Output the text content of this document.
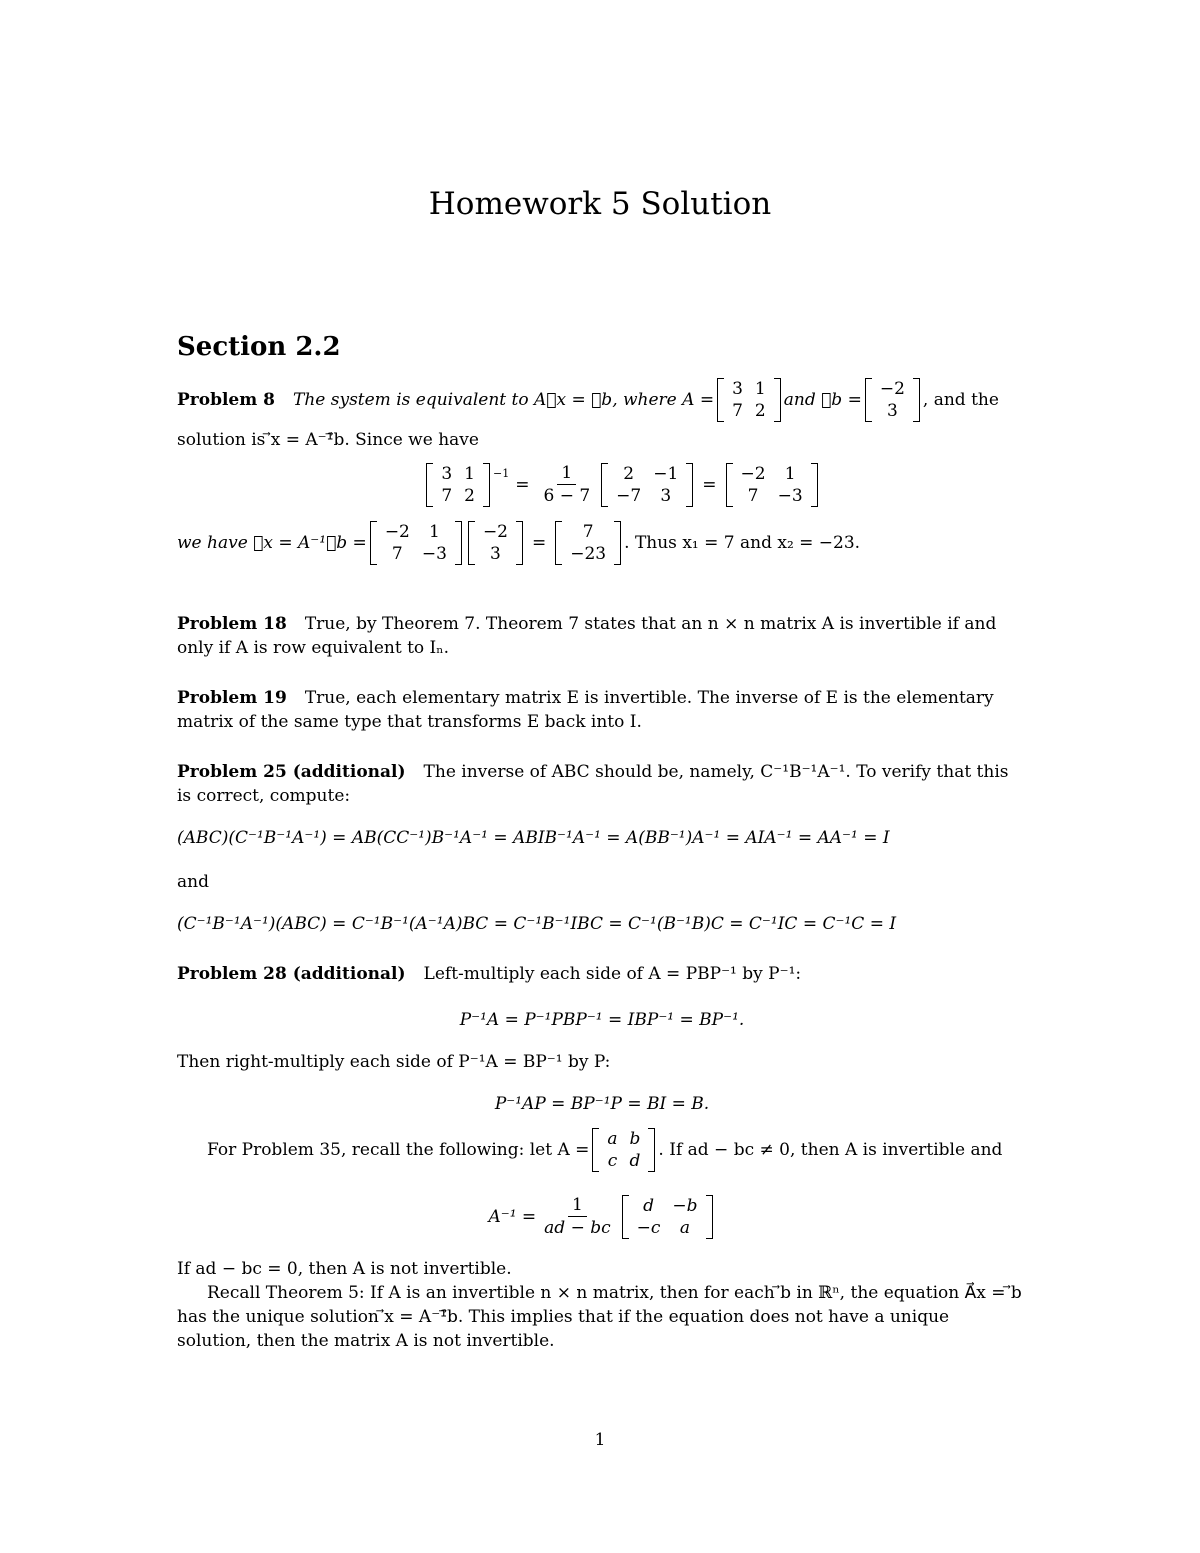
Homework 5 Solution
Section 2.2
Problem 8 The system is equivalent to A⃗x = ⃗b, where A =
3	1
7	2
and ⃗b =
−2
3
, and the
solution is ⃗x = A⁻¹⃗b. Since we have
3	1
7	2
$^{-1}$
= $\frac{1}{6 - 7} 2$	−1
−7	3
=
−2	1
7	−3
we have ⃗x = A⁻¹⃗b =
−2	1
7	−3
−2
3
=
7
−23
. Thus x₁ = 7 and x₂ = −23.
Problem 18 True, by Theorem 7. Theorem 7 states that an n × n matrix A is invertible if and only if A is row equivalent to Iₙ.
Problem 19 True, each elementary matrix E is invertible. The inverse of E is the elementary matrix of the same type that transforms E back into I.
Problem 25 (additional) The inverse of ABC should be, namely, C⁻¹B⁻¹A⁻¹. To verify that this is correct, compute:
(ABC)(C⁻¹B⁻¹A⁻¹) = AB(CC⁻¹)B⁻¹A⁻¹ = ABIB⁻¹A⁻¹ = A(BB⁻¹)A⁻¹ = AIA⁻¹ = AA⁻¹ = I
and
(C⁻¹B⁻¹A⁻¹)(ABC) = C⁻¹B⁻¹(A⁻¹A)BC = C⁻¹B⁻¹IBC = C⁻¹(B⁻¹B)C = C⁻¹IC = C⁻¹C = I
Problem 28 (additional) Left-multiply each side of A = PBP⁻¹ by P⁻¹:
P⁻¹A = P⁻¹PBP⁻¹ = IBP⁻¹ = BP⁻¹.
Then right-multiply each side of P⁻¹A = BP⁻¹ by P:
P⁻¹AP = BP⁻¹P = BI = B.
For Problem 35, recall the following: let A =
a	b
c	d
. If ad − bc ≠ 0, then A is invertible and
$A^{-1} = \frac{1}{ad - bc}$ d	−b
−c	a
If ad − bc = 0, then A is not invertible.
Recall Theorem 5: If A is an invertible n × n matrix, then for each ⃗b in ℝⁿ, the equation A⃗x = ⃗b has the unique solution ⃗x = A⁻¹⃗b. This implies that if the equation does not have a unique solution, then the matrix A is not invertible.
1
